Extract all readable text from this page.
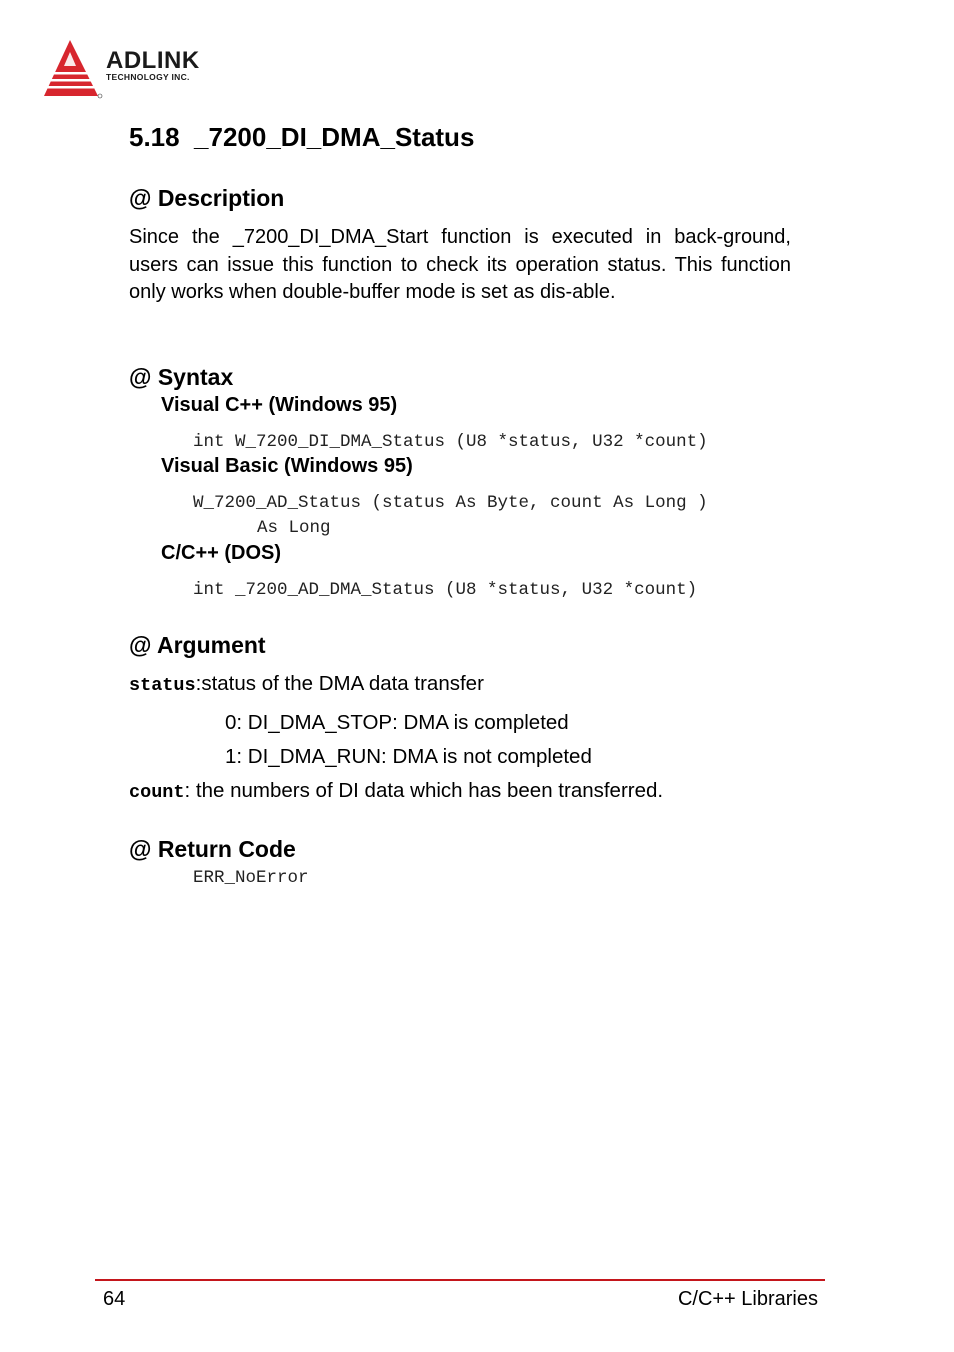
ADLINK
TECHNOLOGY INC.
5.18  _7200_DI_DMA_Status
@ Description
Since the _7200_DI_DMA_Start function is executed in back-ground, users can issue this function to check its operation status. This function only works when double-buffer mode is set as dis-able.
@ Syntax
Visual C++ (Windows 95)
int W_7200_DI_DMA_Status (U8 *status, U32 *count)
Visual Basic (Windows 95)
W_7200_AD_Status (status As Byte, count As Long )
As Long
C/C++ (DOS)
int _7200_AD_DMA_Status (U8 *status, U32 *count)
@ Argument
status:status of the DMA data transfer
0: DI_DMA_STOP: DMA is completed
1: DI_DMA_RUN: DMA is not completed
count: the numbers of DI data which has been transferred.
@ Return Code
ERR_NoError
64	C/C++ Libraries
